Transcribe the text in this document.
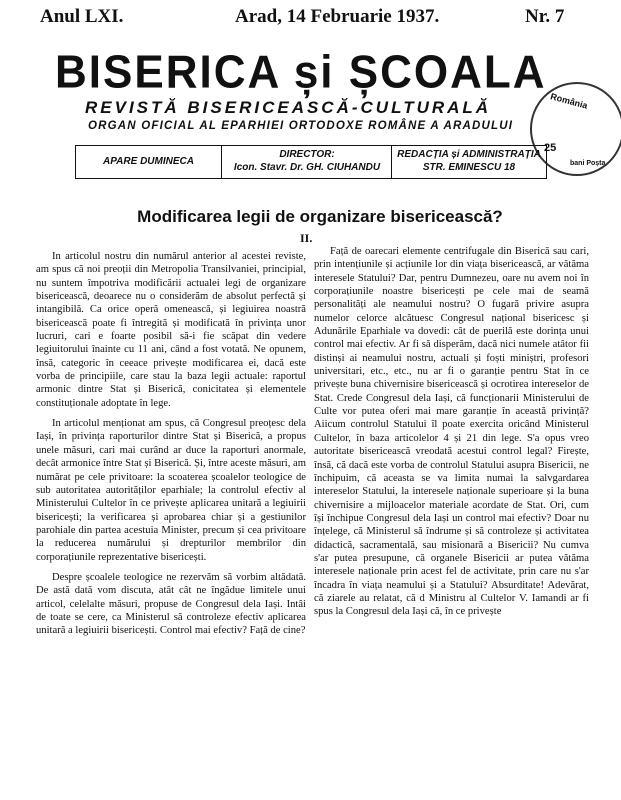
Anul LXI.	Arad, 14 Februarie 1937.	Nr. 7
BISERICA și ȘCOALA
REVISTĂ BISERICEASCĂ-CULTURALĂ
ORGAN OFICIAL AL EPARHIEI ORTODOXE ROMÂNE A ARADULUI
România
25
bani Poșta
APARE DUMINECA
DIRECTOR:
Icon. Stavr. Dr. GH. CIUHANDU
REDACȚIA și ADMINISTRAȚIA
STR. EMINESCU 18
Modificarea legii de organizare bisericească?
II.

In articolul nostru din numărul anterior al acestei reviste, am spus că noi preoții din Metropolia Transilvaniei, principial, nu suntem împotriva modificării actualei legi de organizare bisericească, deoarece nu o considerăm de absolut perfectă și intangibilă. Ca orice operă omenească, și legiuirea noastră bisericească poate fi întregită și modificată în privința unor lucruri, cari e foarte posibil să-i fie scăpat din vedere legiuitorului înainte cu 11 ani, când a fost votată. Ne opunem, însă, categoric în ceeace privește modificarea ei, dacă este vorba de principiile, care stau la baza legii actuale: raportul armonic dintre Stat și Biserică, conicitatea și elementele constituționale adoptate în lege.

In articolul menționat am spus, că Congresul preoțesc dela Iași, în privința raporturilor dintre Stat și Biserică, a propus unele măsuri, cari mai curând ar duce la raporturi anormale, decât armonice între Stat și Biserică. Și, între aceste măsuri, am numărat pe cele privitoare: la scoaterea școalelor teologice de sub autoritatea autorităților eparhiale; la controlul efectiv al Ministerului Cultelor în ce privește aplicarea unitară a legiuirii bisericești; la verificarea și aprobarea chiar și a gestiunilor parohiale din partea acestuia Minister, precum și cea privitoare la reducerea numărului și drepturilor membrilor din corporațiunile reprezentative bisericești.

Despre școalele teologice ne rezervăm să vorbim altădată. De astă dată vom discuta, atât cât ne îngădue limitele unui articol, celelalte măsuri, propuse de Congresul dela Iași. Intâi de toate se cere, ca Ministerul să controleze efectiv aplicarea unitară a legiuirii bisericești. Control mai efectiv? Față de cine?

Față de oarecari elemente centrifugale din Biserică sau cari, prin intențiunile și acțiunile lor din viața bisericească, ar vătăma interesele Statului? Dar, pentru Dumnezeu, oare nu avem noi în corporațiunile noastre bisericești pe cele mai de seamă personalități ale neamului nostru? O fugară privire asupra numelor celorce alcătuesc Congresul național bisericesc și Adunările Eparhiale va dovedi: cât de puerilă este dorința unui control mai efectiv. Ar fi să disperăm, dacă nici numele atâtor fii distinși ai neamului nostru, actuali și foști miniștri, profesori universitari, etc., etc., nu ar fi o garanție pentru Stat în ce privește buna chivernisire bisericească și ocrotirea intereselor de Stat. Crede Congresul dela Iași, că funcționarii Ministerului de Culte vor putea oferi mai mare garanție în această privință? Aiicum controlul Statului îl poate exercita oricând Ministerul Cultelor, în baza articolelor 4 și 21 din lege. S'a opus vreo autoritate bisericească vreodată acestui control legal? Firește, însă, că dacă este vorba de controlul Statului asupra Bisericii, ne închipuim, că aceasta se va limita numai la salvgardarea intereselor Statului, la interesele naționale superioare și la buna chivernisire a mijloacelor materiale acordate de Stat. Ori, cum își închipue Congresul dela Iași un control mai efectiv? Doar nu înțelege, că Ministerul să îndrume și să controleze și activitatea didactică, sacramentală, sau misionară a Bisericii? Nu cumva s'ar putea presupune, că organele Bisericii ar putea vătăma interesele naționale prin acest fel de activitate, prin care nu s'ar încadra în viața neamului și a Statului? Absurditate! Adevărat, că ziarele au relatat, că d Ministru al Cultelor V. Iamandi ar fi spus la Congresul dela Iași că, în ce privește
